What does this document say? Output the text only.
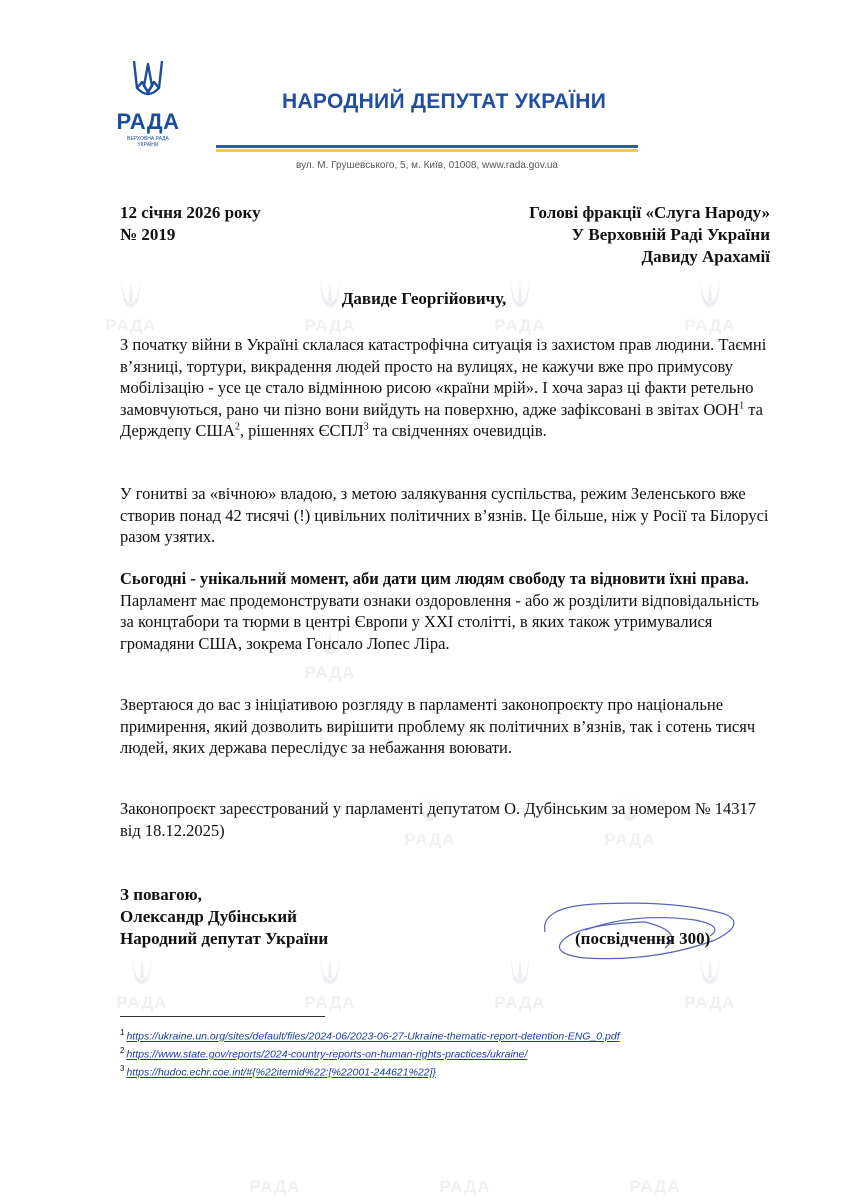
РАДА	РАДА	РАДА	РАДА
РАДА
РАДА	РАДА
РАДА	РАДА	РАДА	РАДА
РАДА	РАДА	РАДА
РАДА
ВЕРХОВНА РАДА
УКРАЇНИ
НАРОДНИЙ ДЕПУТАТ УКРАЇНИ
вул. М. Грушевського, 5, м. Київ, 01008, www.rada.gov.ua
12 січня 2026 року
№ 2019
Голові фракції «Слуга Народу»
У Верховній Раді України
Давиду Арахамії
Давиде Георгійовичу,
З початку війни в Україні склалася катастрофічна ситуація із захистом прав людини. Таємні в’язниці, тортури, викрадення людей просто на вулицях, не кажучи вже про примусову мобілізацію - усе це стало відмінною рисою «країни мрій». І хоча зараз ці факти ретельно замовчуються, рано чи пізно вони вийдуть на поверхню, адже зафіксовані в звітах ООН$^1$ та Держдепу США$^2$, рішеннях ЄСПЛ$^3$ та свідченнях очевидців.
У гонитві за «вічною» владою, з метою залякування суспільства, режим Зеленського вже створив понад 42 тисячі (!) цивільних політичних в’язнів. Це більше, ніж у Росії та Білорусі разом узятих.
Сьогодні - унікальний момент, аби дати цим людям свободу та відновити їхні права. Парламент має продемонструвати ознаки оздоровлення - або ж розділити відповідальність за концтабори та тюрми в центрі Європи у ХХІ столітті, в яких також утримувалися громадяни США, зокрема Гонсало Лопес Ліра.
Звертаюся до вас з ініціативою розгляду в парламенті законопроєкту про національне примирення, який дозволить вирішити проблему як політичних в’язнів, так і сотень тисяч людей, яких держава переслідує за небажання воювати.
Законопроєкт зареєстрований у парламенті депутатом О. Дубінським за номером № 14317 від 18.12.2025)
З повагою,
Олександр Дубінський
Народний депутат України	(посвідчення 300)
$^1$ https://ukraine.un.org/sites/default/files/2024-06/2023-06-27-Ukraine-thematic-report-detention-ENG_0.pdf
$^2$ https://www.state.gov/reports/2024-country-reports-on-human-rights-practices/ukraine/
$^3$ https://hudoc.echr.coe.int/#{%22itemid%22:[%22001-244621%22]}
